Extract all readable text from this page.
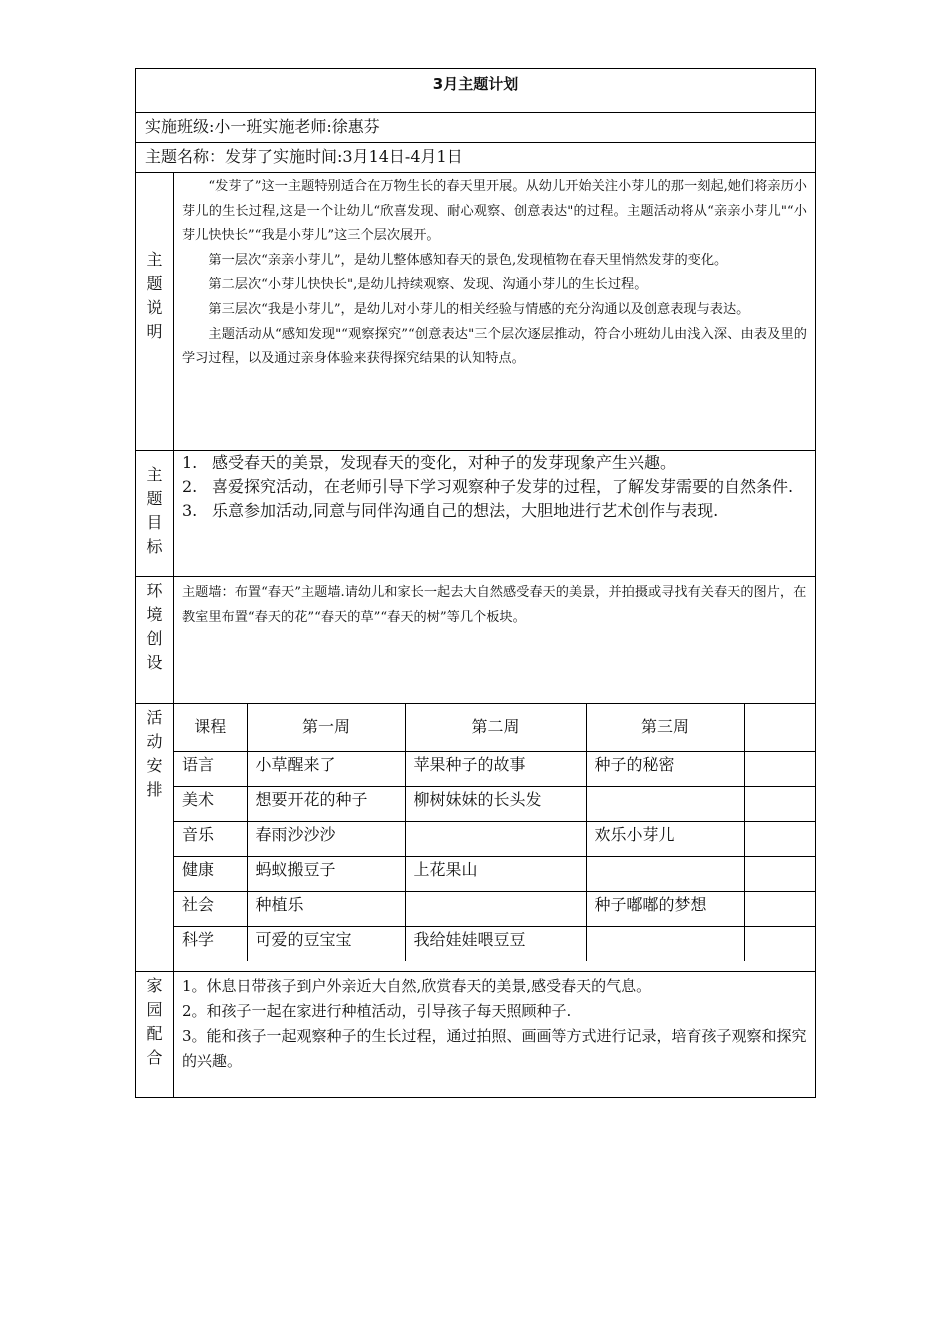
3月主题计划
实施班级:小一班实施老师:徐惠芬
主题名称：发芽了实施时间:3月14日-4月1日
主
题
说
明

“发芽了”这一主题特别适合在万物生长的春天里开展。从幼儿开始关注小芽儿的那一刻起,她们将亲历小芽儿的生长过程,这是一个让幼儿“欣喜发现、耐心观察、创意表达"的过程。主题活动将从“亲亲小芽儿"“小芽儿快快长”“我是小芽儿”这三个层次展开。

第一层次“亲亲小芽儿”，是幼儿整体感知春天的景色,发现植物在春天里悄然发芽的变化。

第二层次“小芽儿快快长",是幼儿持续观察、发现、沟通小芽儿的生长过程。

第三层次“我是小芽儿”，是幼儿对小芽儿的相关经验与情感的充分沟通以及创意表现与表达。

主题活动从“感知发现"“观察探究”“创意表达"三个层次逐层推动，符合小班幼儿由浅入深、由表及里的学习过程，以及通过亲身体验来获得探究结果的认知特点。

主
题
目
标

1. 感受春天的美景，发现春天的变化，对种子的发芽现象产生兴趣。

2. 喜爱探究活动，在老师引导下学习观察种子发芽的过程，了解发芽需要的自然条件.

3. 乐意参加活动,同意与同伴沟通自己的想法，大胆地进行艺术创作与表现.

环
境
创
设

主题墙：布置“春天”主题墙.请幼儿和家长一起去大自然感受春天的美景，并拍摄或寻找有关春天的图片，在教室里布置“春天的花”“春天的草”“春天的树”等几个板块。

活
动
安
排
课程	第一周	第二周	第三周	
语言	小草醒来了	苹果种子的故事	种子的秘密	
美术	想要开花的种子	柳树妹妹的长头发		
音乐	春雨沙沙沙		欢乐小芽儿	
健康	蚂蚁搬豆子	上花果山		
社会	种植乐		种子嘟嘟的梦想	
科学	可爱的豆宝宝	我给娃娃喂豆豆		
家
园
配
合

1。休息日带孩子到户外亲近大自然,欣赏春天的美景,感受春天的气息。

2。和孩子一起在家进行种植活动，引导孩子每天照顾种子.

3。能和孩子一起观察种子的生长过程，通过拍照、画画等方式进行记录，培育孩子观察和探究的兴趣。
